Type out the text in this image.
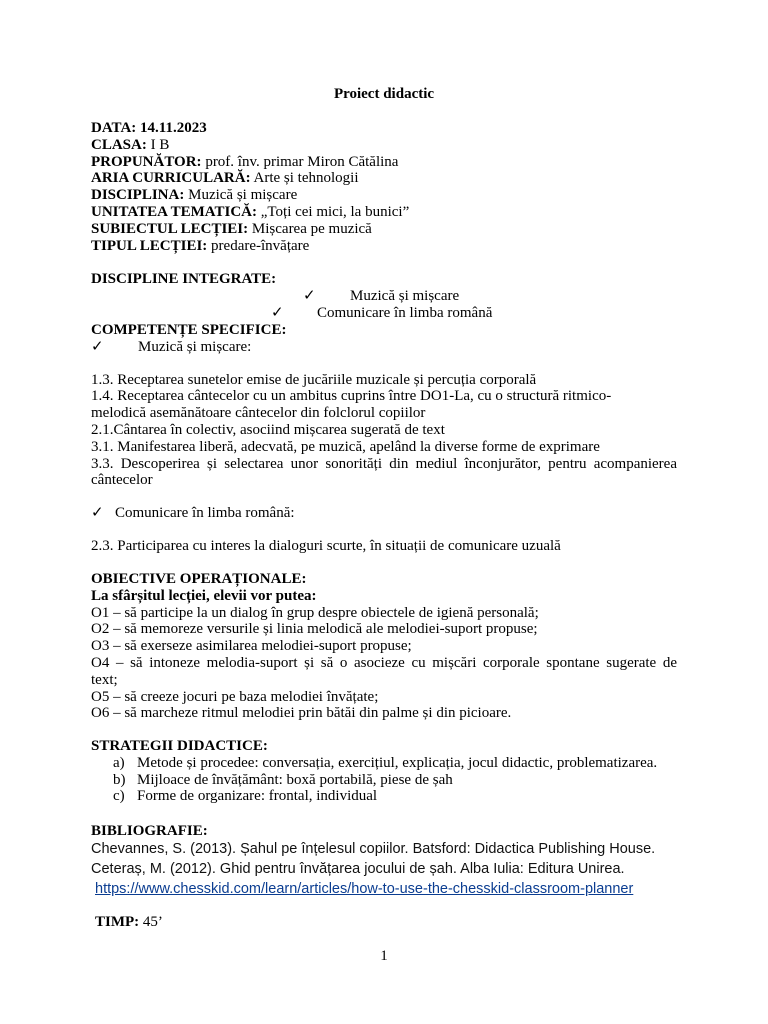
Proiect didactic
DATA: 14.11.2023
CLASA: I B
PROPUNĂTOR: prof. înv. primar Miron Cătălina
ARIA CURRICULARĂ: Arte și tehnologii
DISCIPLINA: Muzică și mișcare
UNITATEA TEMATICĂ: „Toți cei mici, la bunici”
SUBIECTUL LECȚIEI: Mișcarea pe muzică
TIPUL LECȚIEI: predare-învățare
DISCIPLINE INTEGRATE:
✓ Muzică și mișcare
✓ Comunicare în limba română
COMPETENȚE SPECIFICE:
✓ Muzică și mișcare:
1.3. Receptarea sunetelor emise de jucăriile muzicale și percuția corporală
1.4. Receptarea cântecelor cu un ambitus cuprins între DO1-La, cu o structură ritmico-
melodică asemănătoare cântecelor din folclorul copiilor
2.1.Cântarea în colectiv, asociind mișcarea sugerată de text
3.1. Manifestarea liberă, adecvată, pe muzică, apelând la diverse forme de exprimare
3.3. Descoperirea și selectarea unor sonorități din mediul înconjurător, pentru acompanierea
cântecelor
✓ Comunicare în limba română:
2.3. Participarea cu interes la dialoguri scurte, în situații de comunicare uzuală
OBIECTIVE OPERAȚIONALE:
La sfârșitul lecției, elevii vor putea:
O1 – să participe la un dialog în grup despre obiectele de igienă personală;
O2 – să memoreze versurile și linia melodică ale melodiei-suport propuse;
O3 – să exerseze asimilarea melodiei-suport propuse;
O4 – să intoneze melodia-suport și să o asocieze cu mișcări corporale spontane sugerate de
text;
O5 – să creeze jocuri pe baza melodiei învățate;
O6 – să marcheze ritmul melodiei prin bătăi din palme și din picioare.
STRATEGII DIDACTICE:
a) Metode și procedee: conversația, exercițiul, explicația, jocul didactic, problematizarea.
b) Mijloace de învățământ: boxă portabilă, piese de șah
c) Forme de organizare: frontal, individual
BIBLIOGRAFIE:
Chevannes, S. (2013). Șahul pe înțelesul copiilor. Batsford: Didactica Publishing House.
Ceteraș, M. (2012). Ghid pentru învățarea jocului de șah. Alba Iulia: Editura Unirea.
https://www.chesskid.com/learn/articles/how-to-use-the-chesskid-classroom-planner
TIMP: 45’
1
